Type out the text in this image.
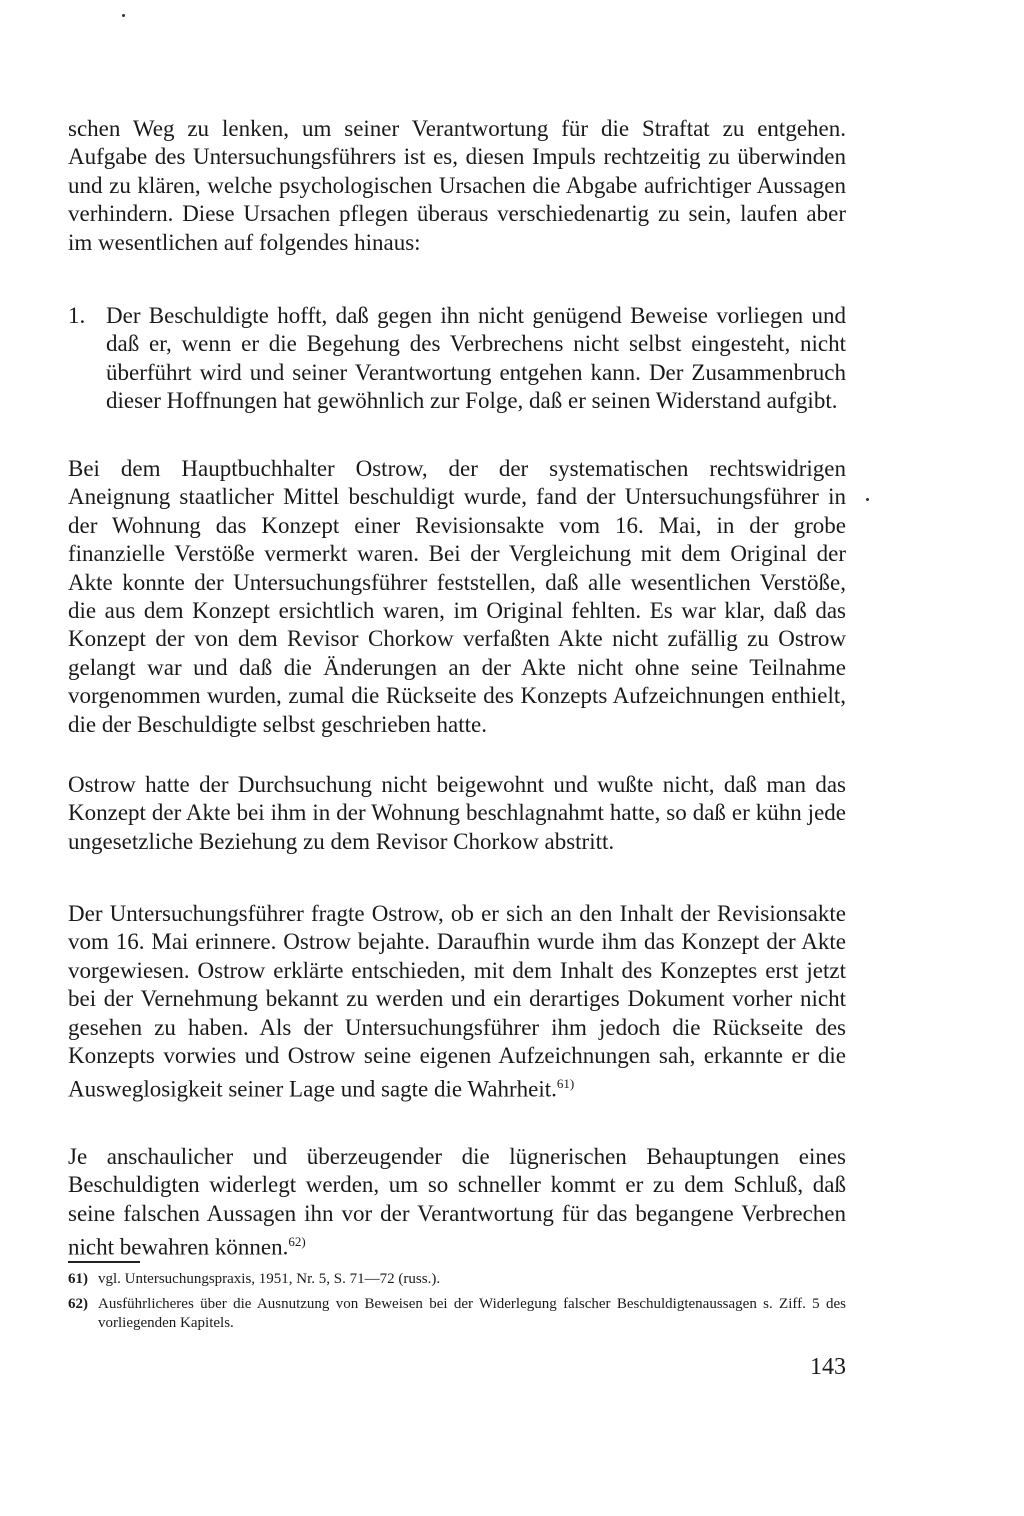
schen Weg zu lenken, um seiner Verantwortung für die Straftat zu entgehen. Aufgabe des Untersuchungsführers ist es, diesen Impuls rechtzeitig zu überwinden und zu klären, welche psychologischen Ursachen die Abgabe aufrichtiger Aussagen verhindern. Diese Ursachen pflegen überaus verschiedenartig zu sein, laufen aber im wesentlichen auf folgendes hinaus:

1. Der Beschuldigte hofft, daß gegen ihn nicht genügend Beweise vorliegen und daß er, wenn er die Begehung des Verbrechens nicht selbst eingesteht, nicht überführt wird und seiner Verantwortung entgehen kann. Der Zusammenbruch dieser Hoffnungen hat gewöhnlich zur Folge, daß er seinen Widerstand aufgibt.

Bei dem Hauptbuchhalter Ostrow, der der systematischen rechtswidrigen Aneignung staatlicher Mittel beschuldigt wurde, fand der Untersuchungsführer in der Wohnung das Konzept einer Revisionsakte vom 16. Mai, in der grobe finanzielle Verstöße vermerkt waren. Bei der Vergleichung mit dem Original der Akte konnte der Untersuchungsführer feststellen, daß alle wesentlichen Verstöße, die aus dem Konzept ersichtlich waren, im Original fehlten. Es war klar, daß das Konzept der von dem Revisor Chorkow verfaßten Akte nicht zufällig zu Ostrow gelangt war und daß die Änderungen an der Akte nicht ohne seine Teilnahme vorgenommen wurden, zumal die Rückseite des Konzepts Aufzeichnungen enthielt, die der Beschuldigte selbst geschrieben hatte.

Ostrow hatte der Durchsuchung nicht beigewohnt und wußte nicht, daß man das Konzept der Akte bei ihm in der Wohnung beschlagnahmt hatte, so daß er kühn jede ungesetzliche Beziehung zu dem Revisor Chorkow abstritt.

Der Untersuchungsführer fragte Ostrow, ob er sich an den Inhalt der Revisionsakte vom 16. Mai erinnere. Ostrow bejahte. Daraufhin wurde ihm das Konzept der Akte vorgewiesen. Ostrow erklärte entschieden, mit dem Inhalt des Konzeptes erst jetzt bei der Vernehmung bekannt zu werden und ein derartiges Dokument vorher nicht gesehen zu haben. Als der Untersuchungsführer ihm jedoch die Rückseite des Konzepts vorwies und Ostrow seine eigenen Aufzeichnungen sah, erkannte er die Ausweglosigkeit seiner Lage und sagte die Wahrheit.$^{61)}$

Je anschaulicher und überzeugender die lügnerischen Behauptungen eines Beschuldigten widerlegt werden, um so schneller kommt er zu dem Schluß, daß seine falschen Aussagen ihn vor der Verantwortung für das begangene Verbrechen nicht bewahren können.$^{62)}$

61) vgl. Untersuchungspraxis, 1951, Nr. 5, S. 71—72 (russ.).
62) Ausführlicheres über die Ausnutzung von Beweisen bei der Widerlegung falscher Beschuldigtenaussagen s. Ziff. 5 des vorliegenden Kapitels.
143
